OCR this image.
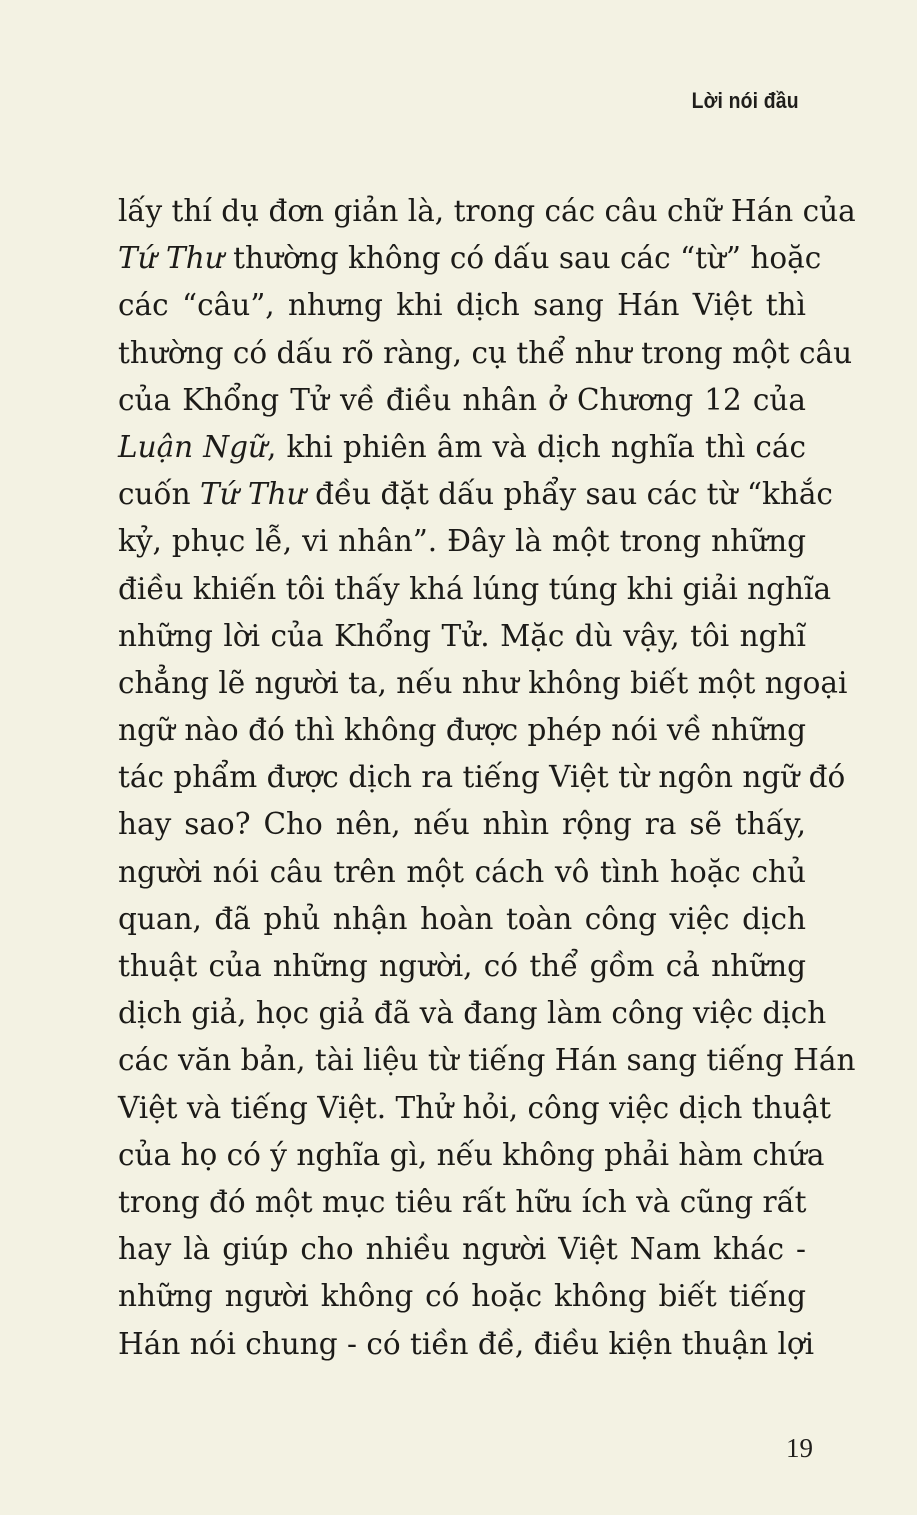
Lời nói đầu
lấy thí dụ đơn giản là, trong các câu chữ Hán của
Tứ Thư thường không có dấu sau các “từ” hoặc
các “câu”, nhưng khi dịch sang Hán Việt thì
thường có dấu rõ ràng, cụ thể như trong một câu
của Khổng Tử về điều nhân ở Chương 12 của
Luận Ngữ, khi phiên âm và dịch nghĩa thì các
cuốn Tứ Thư đều đặt dấu phẩy sau các từ “khắc
kỷ, phục lễ, vi nhân”. Đây là một trong những
điều khiến tôi thấy khá lúng túng khi giải nghĩa
những lời của Khổng Tử. Mặc dù vậy, tôi nghĩ
chẳng lẽ người ta, nếu như không biết một ngoại
ngữ nào đó thì không được phép nói về những
tác phẩm được dịch ra tiếng Việt từ ngôn ngữ đó
hay sao? Cho nên, nếu nhìn rộng ra sẽ thấy,
người nói câu trên một cách vô tình hoặc chủ
quan, đã phủ nhận hoàn toàn công việc dịch
thuật của những người, có thể gồm cả những
dịch giả, học giả đã và đang làm công việc dịch
các văn bản, tài liệu từ tiếng Hán sang tiếng Hán
Việt và tiếng Việt. Thử hỏi, công việc dịch thuật
của họ có ý nghĩa gì, nếu không phải hàm chứa
trong đó một mục tiêu rất hữu ích và cũng rất
hay là giúp cho nhiều người Việt Nam khác -
những người không có hoặc không biết tiếng
Hán nói chung - có tiền đề, điều kiện thuận lợi
19
